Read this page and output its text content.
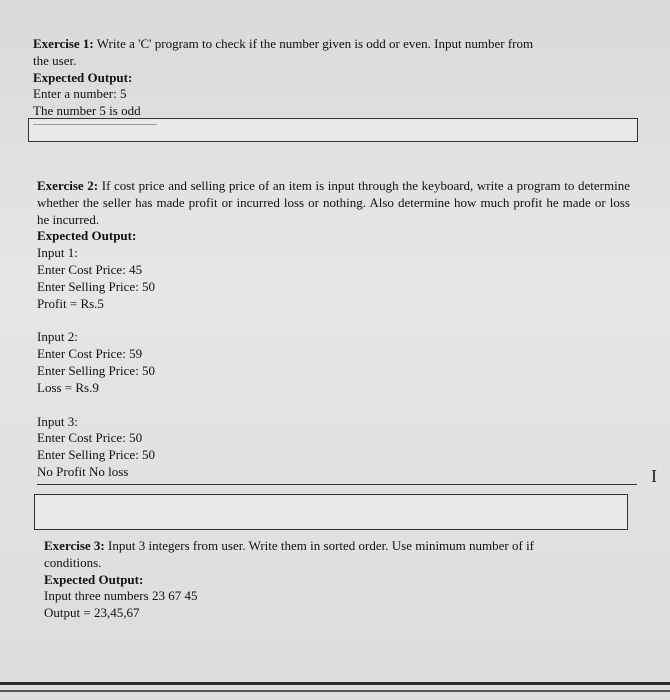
Exercise 1: Write a 'C' program to check if the number given is odd or even. Input number from

the user.

Expected Output:

Enter a number: 5

The number 5 is odd

Exercise 2: If cost price and selling price of an item is input through the keyboard, write a program to determine whether the seller has made profit or incurred loss or nothing. Also determine how much profit he made or loss he incurred.

Expected Output:

Input 1:

Enter Cost Price: 45

Enter Selling Price: 50

Profit = Rs.5

Input 2:

Enter Cost Price: 59

Enter Selling Price: 50

Loss = Rs.9

Input 3:

Enter Cost Price: 50

Enter Selling Price: 50

No Profit No loss

Exercise 3: Input 3 integers from user. Write them in sorted order. Use minimum number of if

conditions.

Expected Output:

Input three numbers 23 67 45

Output = 23,45,67

I
